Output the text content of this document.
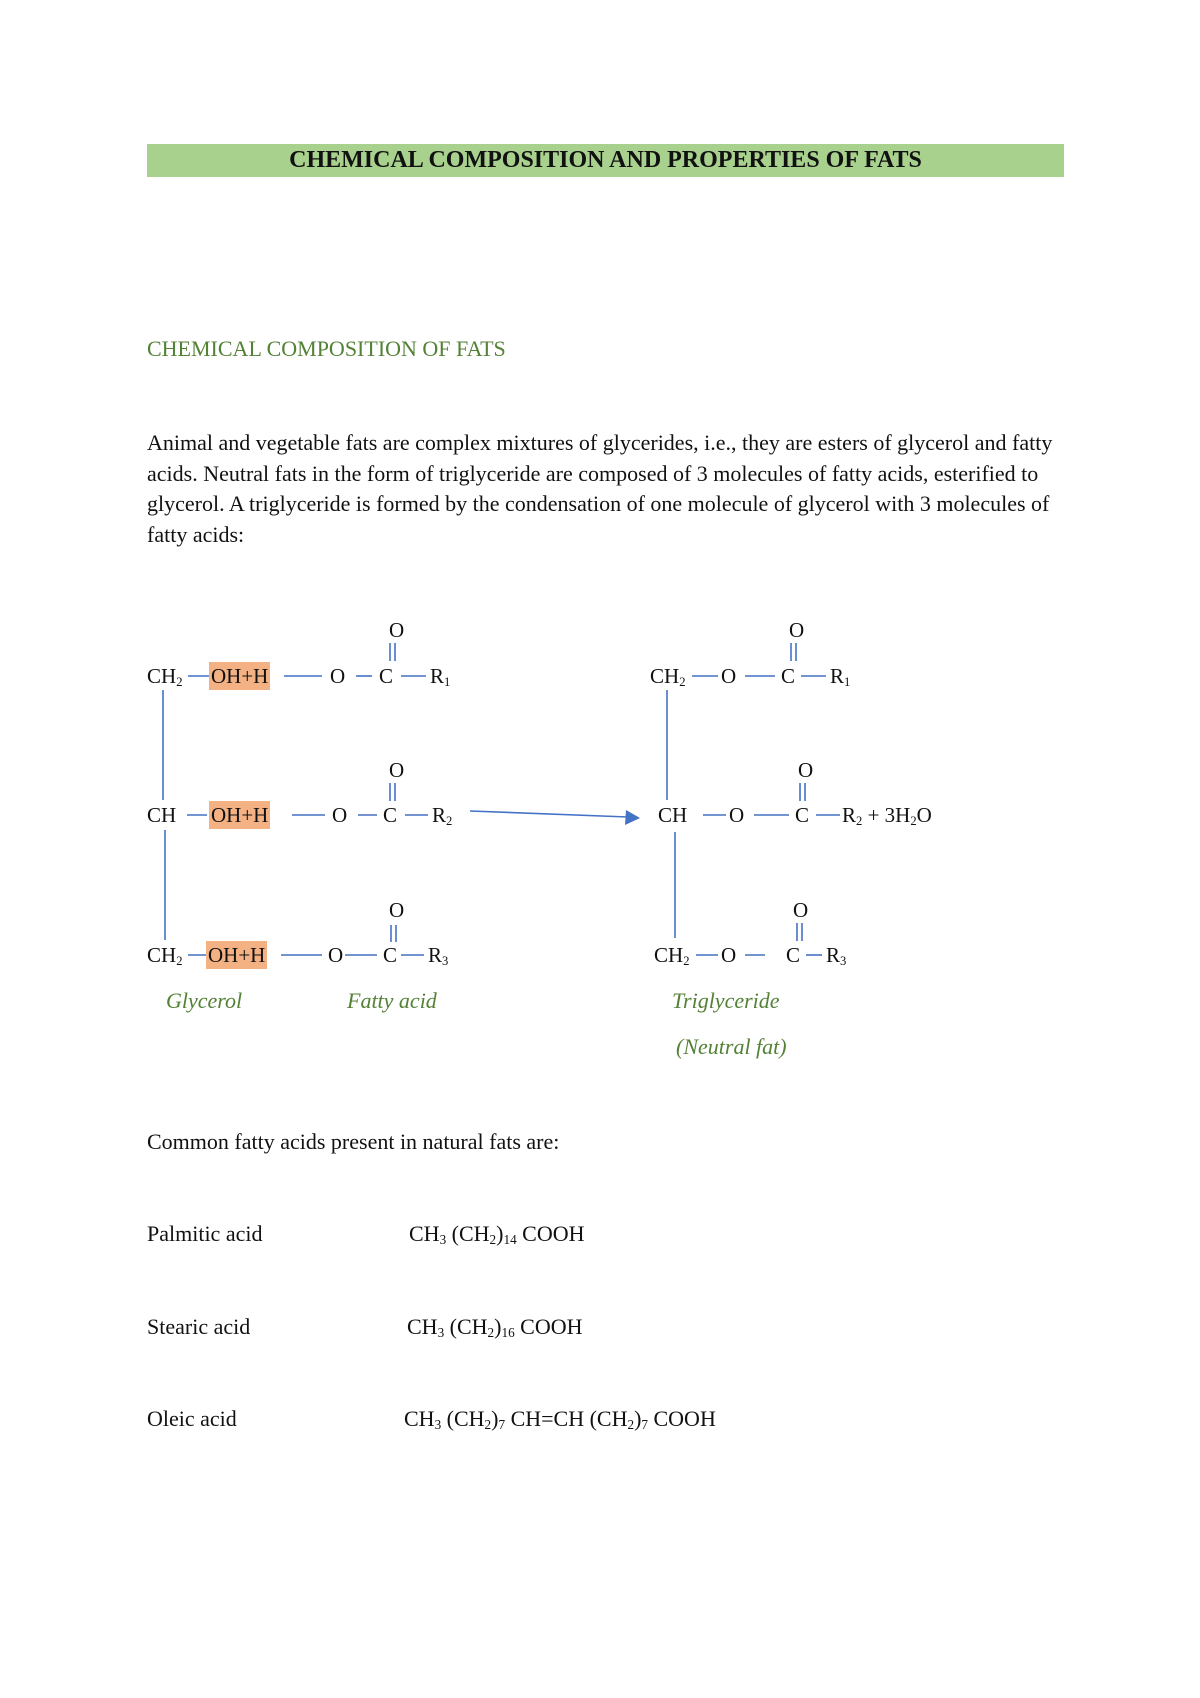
CHEMICAL COMPOSITION AND PROPERTIES OF FATS
CHEMICAL COMPOSITION OF FATS
Animal and vegetable fats are complex mixtures of glycerides, i.e., they are esters of glycerol and fatty acids. Neutral fats in the form of triglyceride are composed of 3 molecules of fatty acids, esterified to glycerol. A triglyceride is formed by the condensation of one molecule of glycerol with 3 molecules of fatty acids:
O
$CH_2$ OH+H	O C $R_1$
O
CH OH+H	O C $R_2$
O
$CH_2$ OH+H	O C $R_3$
Glycerol	Fatty acid
O
$CH_2$ O C $R_1$
O
CH O C $R_2 + 3H_2O$
O
$CH_2$ O C $R_3$
Triglyceride
(Neutral fat)
Common fatty acids present in natural fats are:
Palmitic acid	$CH_3$ $(CH_2)_{14}$ COOH
Stearic acid	$CH_3$ $(CH_2)_{16}$ COOH
Oleic acid	$CH_3$ $(CH_2)_7$ CH=CH $(CH_2)_7$ COOH
